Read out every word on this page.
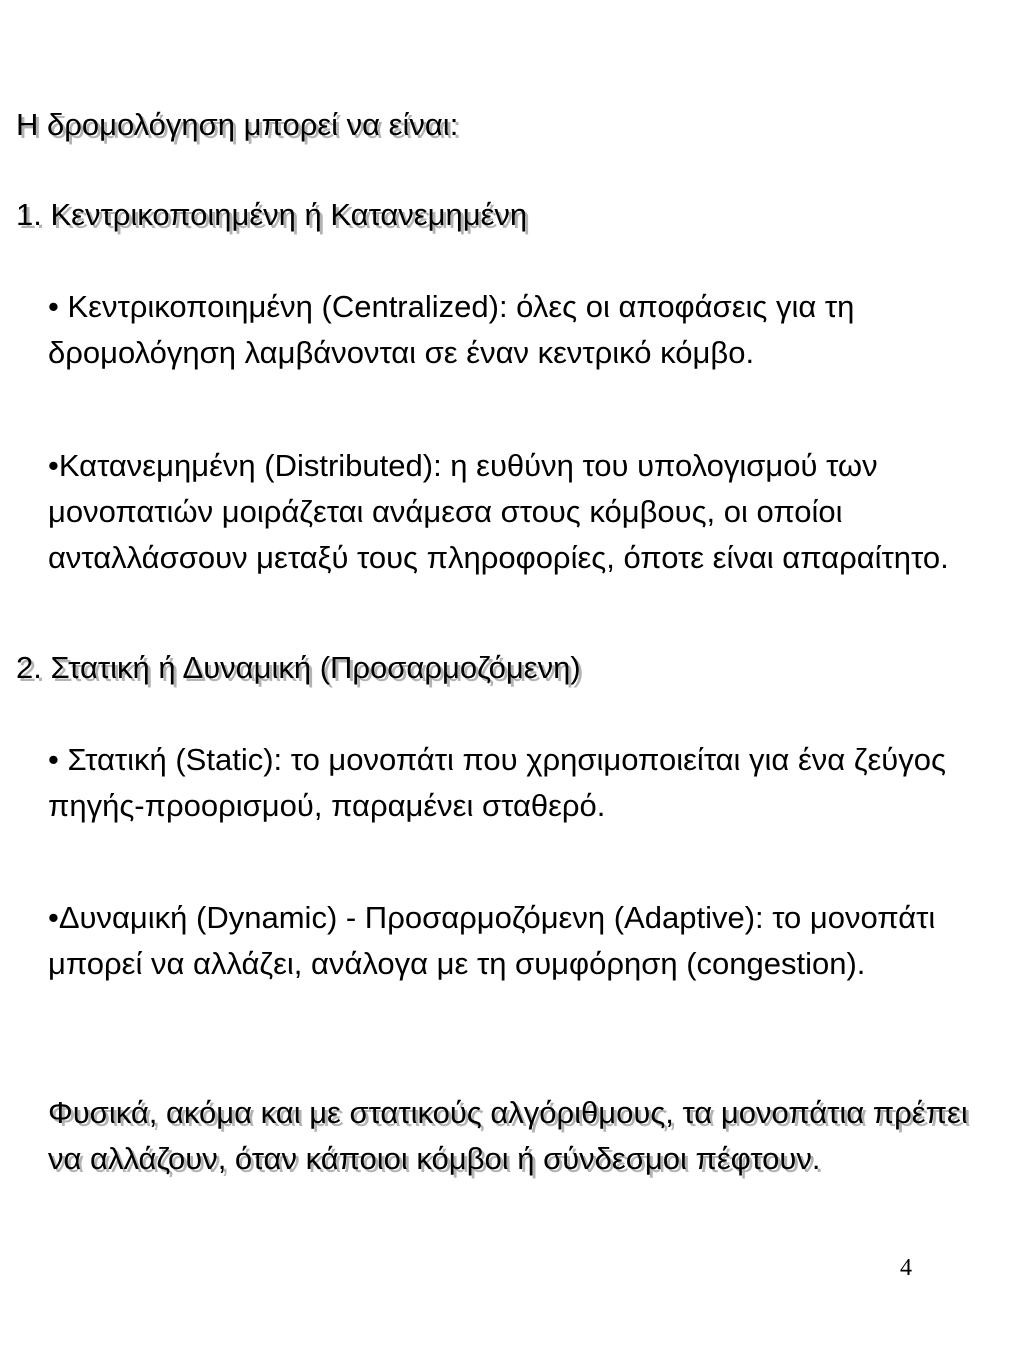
Η δρομολόγηση μπορεί να είναι:
1. Κεντρικοποιημένη ή Κατανεμημένη

• Κεντρικοποιημένη (Centralized): όλες οι αποφάσεις για τη δρομολόγηση λαμβάνονται σε έναν κεντρικό κόμβο.

•Κατανεμημένη (Distributed): η ευθύνη του υπολογισμού των μονοπατιών μοιράζεται ανάμεσα στους κόμβους, οι οποίοι ανταλλάσσουν μεταξύ τους πληροφορίες, όποτε είναι απαραίτητο.

2. Στατική ή Δυναμική (Προσαρμοζόμενη)

• Στατική (Static): το μονοπάτι που χρησιμοποιείται για ένα ζεύγος πηγής-προορισμού, παραμένει σταθερό.

•Δυναμική (Dynamic) - Προσαρμοζόμενη (Adaptive): το μονοπάτι μπορεί να αλλάζει, ανάλογα με τη συμφόρηση (congestion).

Φυσικά, ακόμα και με στατικούς αλγόριθμους, τα μονοπάτια πρέπει να αλλάζουν, όταν κάποιοι κόμβοι ή σύνδεσμοι πέφτουν.

4
